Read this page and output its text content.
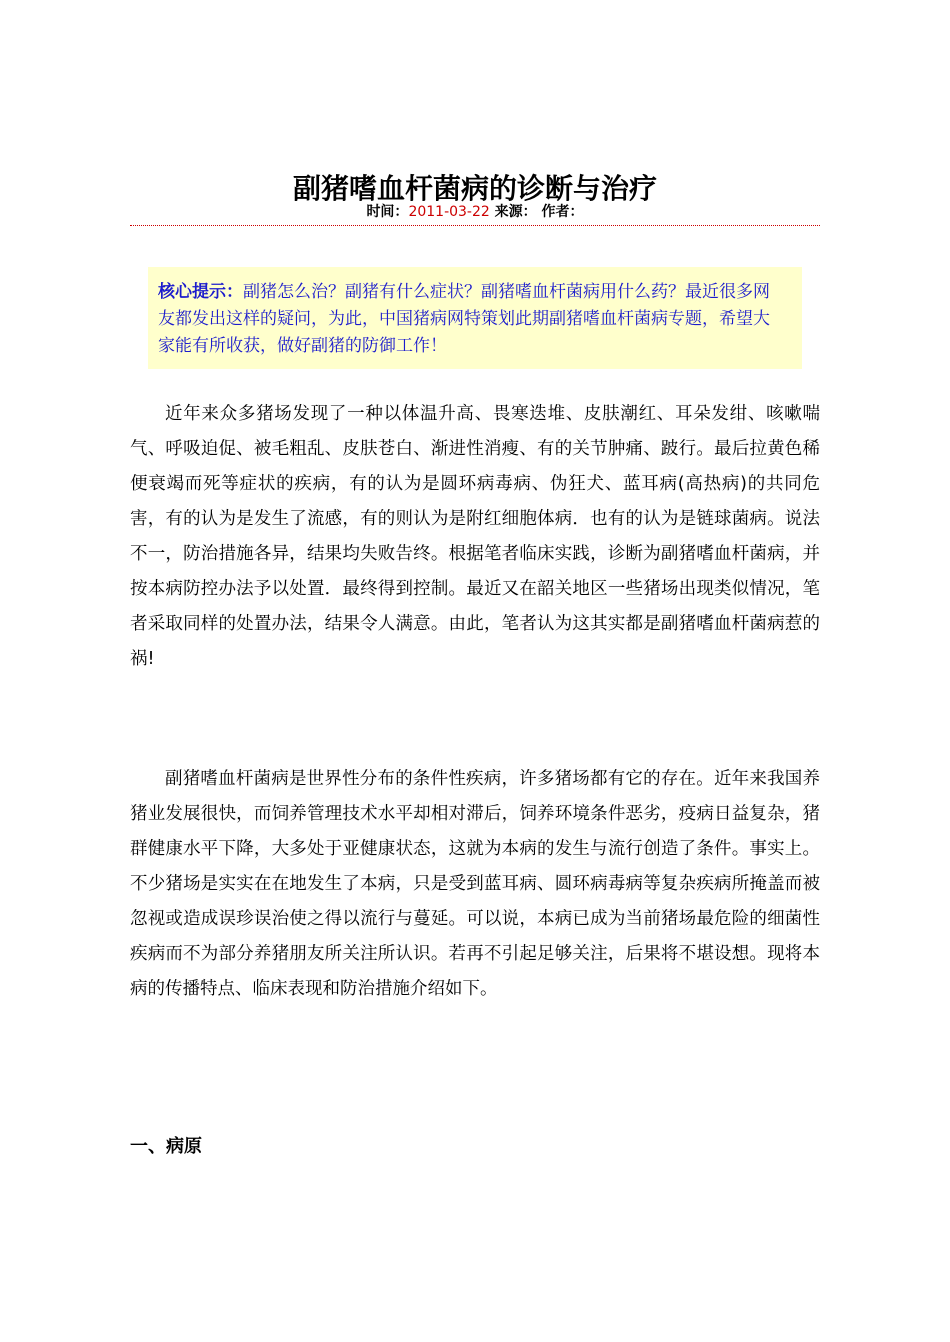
副猪嗜血杆菌病的诊断与治疗
时间：2011-03-22 来源： 作者：

核心提示：副猪怎么治？副猪有什么症状？副猪嗜血杆菌病用什么药？最近很多网友都发出这样的疑问，为此，中国猪病网特策划此期副猪嗜血杆菌病专题，希望大家能有所收获，做好副猪的防御工作！

近年来众多猪场发现了一种以体温升高、畏寒迭堆、皮肤潮红、耳朵发绀、咳嗽喘气、呼吸迫促、被毛粗乱、皮肤苍白、渐进性消瘦、有的关节肿痛、跛行。最后拉黄色稀便衰竭而死等症状的疾病，有的认为是圆环病毒病、伪狂犬、蓝耳病(高热病)的共同危害，有的认为是发生了流感，有的则认为是附红细胞体病．也有的认为是链球菌病。说法不一，防治措施各异，结果均失败告终。根据笔者临床实践，诊断为副猪嗜血杆菌病，并按本病防控办法予以处置．最终得到控制。最近又在韶关地区一些猪场出现类似情况，笔者采取同样的处置办法，结果令人满意。由此，笔者认为这其实都是副猪嗜血杆菌病惹的祸!

副猪嗜血杆菌病是世界性分布的条件性疾病，许多猪场都有它的存在。近年来我国养猪业发展很快，而饲养管理技术水平却相对滞后，饲养环境条件恶劣，疫病日益复杂，猪群健康水平下降，大多处于亚健康状态，这就为本病的发生与流行创造了条件。事实上。不少猪场是实实在在地发生了本病，只是受到蓝耳病、圆环病毒病等复杂疾病所掩盖而被忽视或造成误珍误治使之得以流行与蔓延。可以说，本病已成为当前猪场最危险的细菌性疾病而不为部分养猪朋友所关注所认识。若再不引起足够关注，后果将不堪设想。现将本病的传播特点、临床表现和防治措施介绍如下。

一、病原
